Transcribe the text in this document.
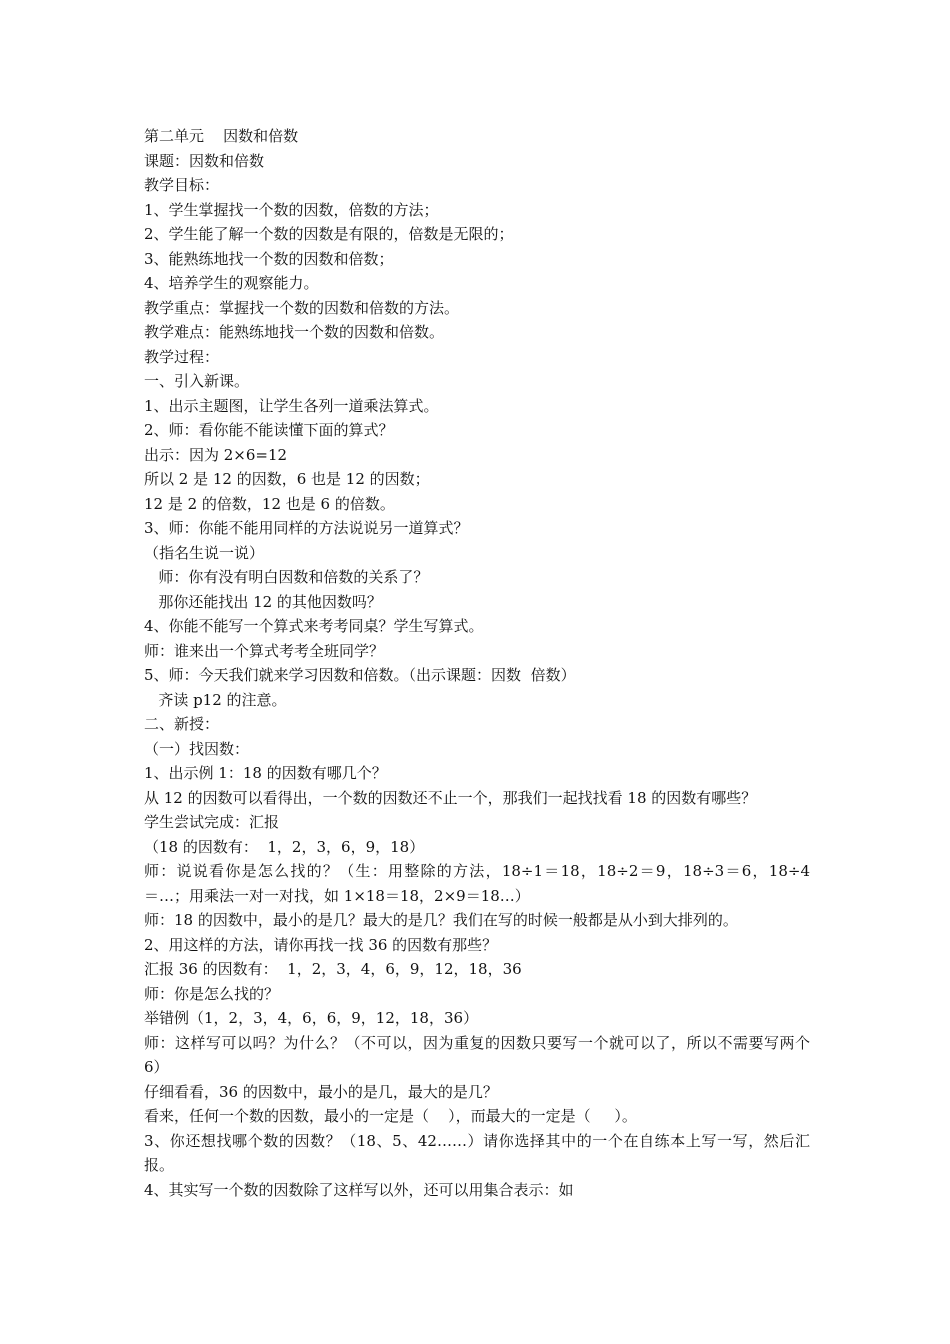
第二单元    因数和倍数

课题：因数和倍数

教学目标：

1、学生掌握找一个数的因数，倍数的方法；

2、学生能了解一个数的因数是有限的，倍数是无限的；

3、能熟练地找一个数的因数和倍数；

4、培养学生的观察能力。

教学重点：掌握找一个数的因数和倍数的方法。

教学难点：能熟练地找一个数的因数和倍数。

教学过程：

一、引入新课。

1、出示主题图，让学生各列一道乘法算式。

2、师：看你能不能读懂下面的算式？

出示：因为 2×6=12

所以 2 是 12 的因数，6 也是 12 的因数；

12 是 2 的倍数，12 也是 6 的倍数。

3、师：你能不能用同样的方法说说另一道算式？

（指名生说一说）

师：你有没有明白因数和倍数的关系了？

那你还能找出 12 的其他因数吗？

4、你能不能写一个算式来考考同桌？学生写算式。

师：谁来出一个算式考考全班同学？

5、师：今天我们就来学习因数和倍数。（出示课题：因数  倍数）

齐读 p12 的注意。

二、新授：

（一）找因数：

1、出示例 1：18 的因数有哪几个？

从 12 的因数可以看得出，一个数的因数还不止一个，那我们一起找找看 18 的因数有哪些？

学生尝试完成：汇报

（18 的因数有：  1，2，3，6，9，18）

师：说说看你是怎么找的？（生：用整除的方法，18÷1＝18，18÷2＝9，18÷3＝6，18÷4＝…；用乘法一对一对找，如 1×18＝18，2×9＝18…）

师：18 的因数中，最小的是几？最大的是几？我们在写的时候一般都是从小到大排列的。

2、用这样的方法，请你再找一找 36 的因数有那些？

汇报 36 的因数有：  1，2，3，4，6，9，12，18，36

师：你是怎么找的？

举错例（1，2，3，4，6，6，9，12，18，36）

师：这样写可以吗？为什么？（不可以，因为重复的因数只要写一个就可以了，所以不需要写两个 6）

仔细看看，36 的因数中，最小的是几，最大的是几？

看来，任何一个数的因数，最小的一定是（    ），而最大的一定是（     ）。

3、你还想找哪个数的因数？（18、5、42……）请你选择其中的一个在自练本上写一写，然后汇报。

4、其实写一个数的因数除了这样写以外，还可以用集合表示：如
